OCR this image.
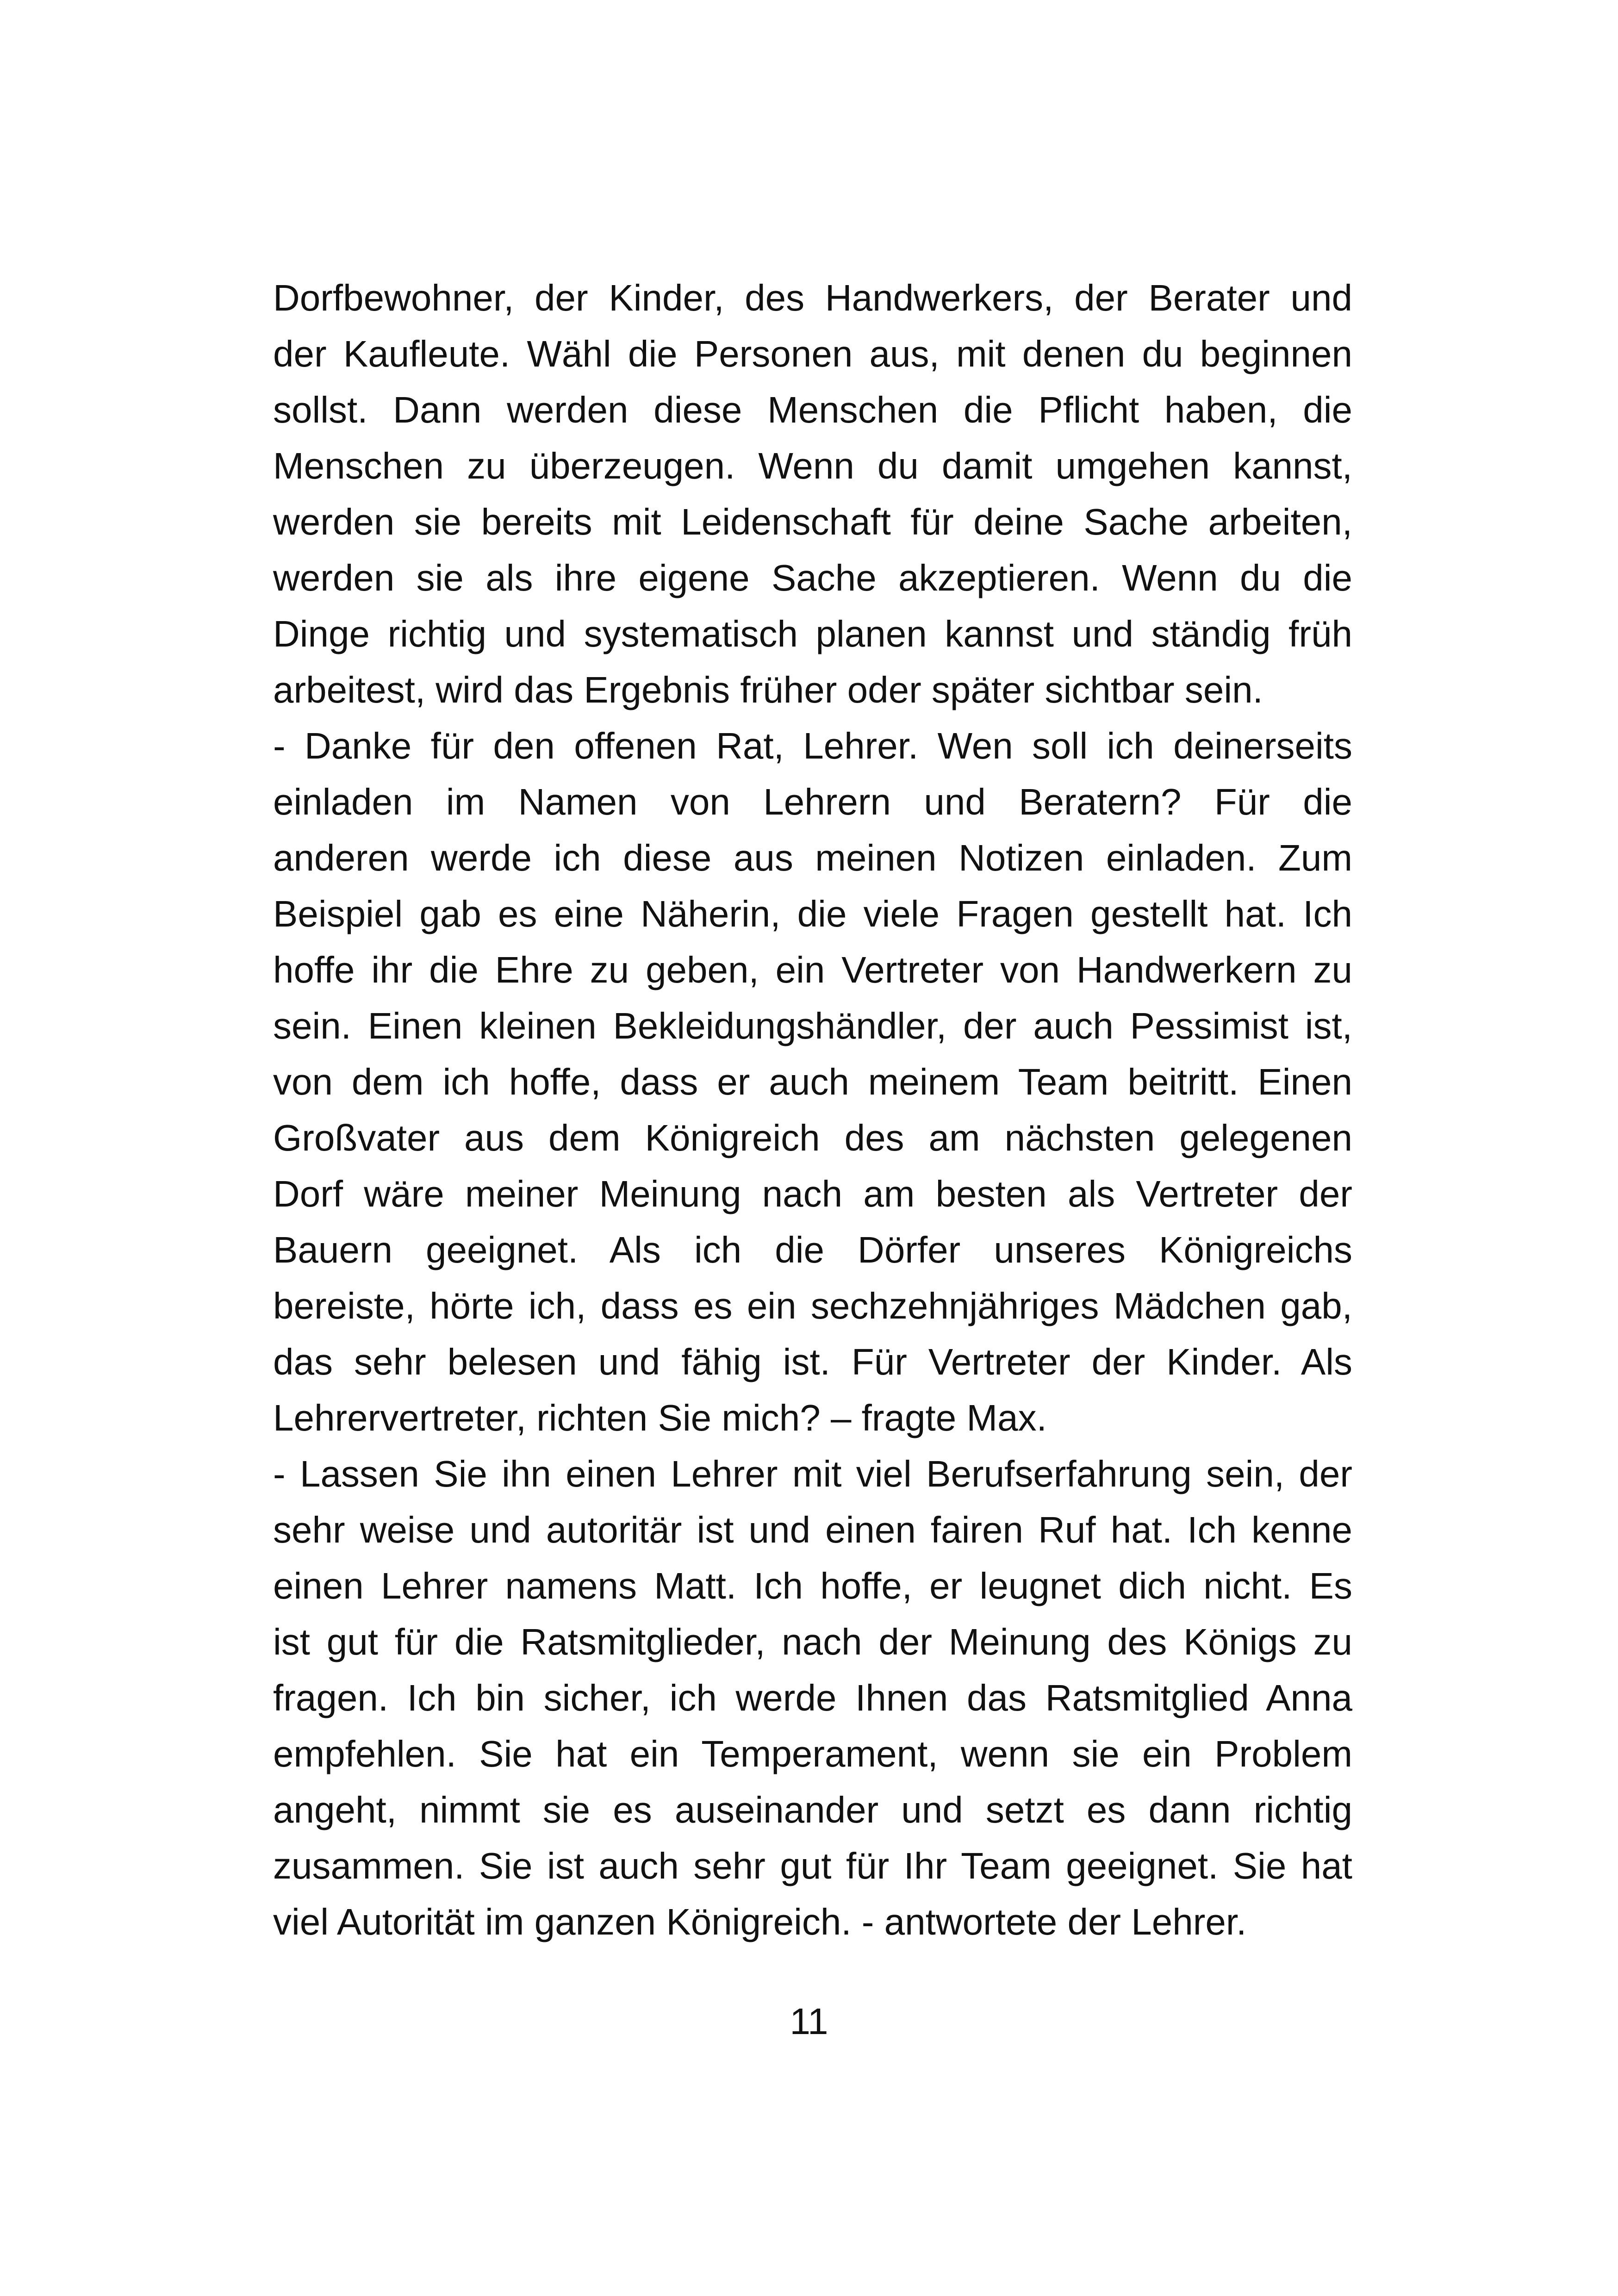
Dorfbewohner, der Kinder, des Handwerkers, der Berater und
der Kaufleute. Wähl die Personen aus, mit denen du beginnen
sollst. Dann werden diese Menschen die Pflicht haben, die
Menschen zu überzeugen. Wenn du damit umgehen kannst,
werden sie bereits mit Leidenschaft für deine Sache arbeiten,
werden sie als ihre eigene Sache akzeptieren. Wenn du die
Dinge richtig und systematisch planen kannst und ständig früh
arbeitest, wird das Ergebnis früher oder später sichtbar sein.
- Danke für den offenen Rat, Lehrer. Wen soll ich deinerseits
einladen im Namen von Lehrern und Beratern? Für die
anderen werde ich diese aus meinen Notizen einladen. Zum
Beispiel gab es eine Näherin, die viele Fragen gestellt hat. Ich
hoffe ihr die Ehre zu geben, ein Vertreter von Handwerkern zu
sein. Einen kleinen Bekleidungshändler, der auch Pessimist ist,
von dem ich hoffe, dass er auch meinem Team beitritt. Einen
Großvater aus dem Königreich des am nächsten gelegenen
Dorf wäre meiner Meinung nach am besten als Vertreter der
Bauern geeignet. Als ich die Dörfer unseres Königreichs
bereiste, hörte ich, dass es ein sechzehnjähriges Mädchen gab,
das sehr belesen und fähig ist. Für Vertreter der Kinder. Als
Lehrervertreter, richten Sie mich? – fragte Max.
- Lassen Sie ihn einen Lehrer mit viel Berufserfahrung sein, der
sehr weise und autoritär ist und einen fairen Ruf hat. Ich kenne
einen Lehrer namens Matt. Ich hoffe, er leugnet dich nicht. Es
ist gut für die Ratsmitglieder, nach der Meinung des Königs zu
fragen. Ich bin sicher, ich werde Ihnen das Ratsmitglied Anna
empfehlen. Sie hat ein Temperament, wenn sie ein Problem
angeht, nimmt sie es auseinander und setzt es dann richtig
zusammen. Sie ist auch sehr gut für Ihr Team geeignet. Sie hat
viel Autorität im ganzen Königreich. - antwortete der Lehrer.
11
